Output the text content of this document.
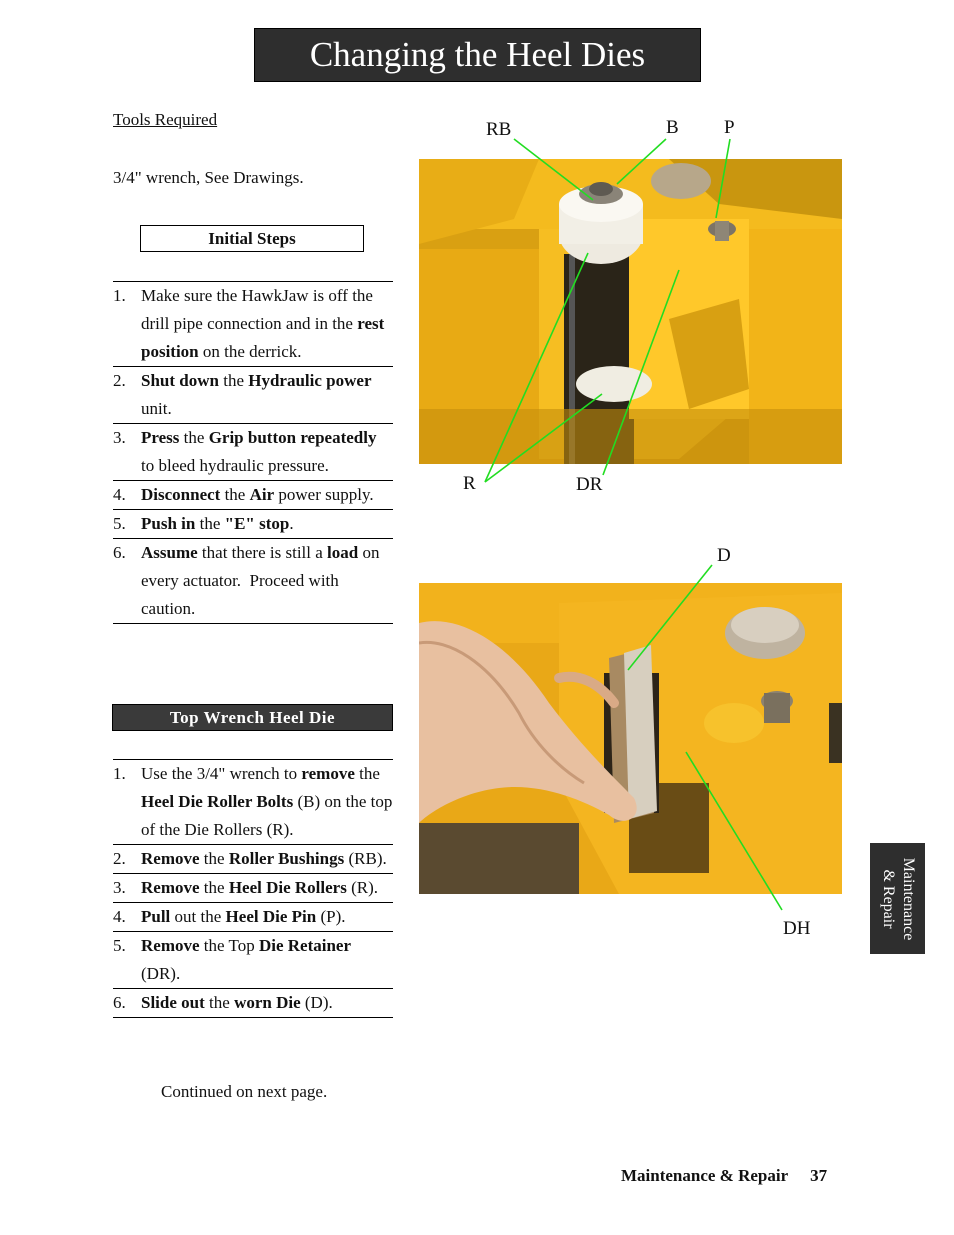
Changing the Heel Dies
Tools Required
3/4" wrench, See Drawings.
Initial Steps
1. Make sure the HawkJaw is off the drill pipe connection and in the rest position on the derrick.
2. Shut down the Hydraulic power unit.
3. Press the Grip button repeatedly to bleed hydraulic pressure.
4. Disconnect the Air power supply.
5. Push in the "E" stop.
6. Assume that there is still a load on every actuator.  Proceed with caution.
Top Wrench Heel Die
1. Use the 3/4" wrench to remove the Heel Die Roller Bolts (B) on the top of the Die Rollers (R).
2. Remove the Roller Bushings (RB).
3. Remove the Heel Die Rollers (R).
4. Pull out the Heel Die Pin (P).
5. Remove the Top Die Retainer (DR).
6. Slide out the worn Die (D).
Continued on next page.
RB	B P
R	DR
D
DH	Maintenance
& Repair
Maintenance & Repair 37
